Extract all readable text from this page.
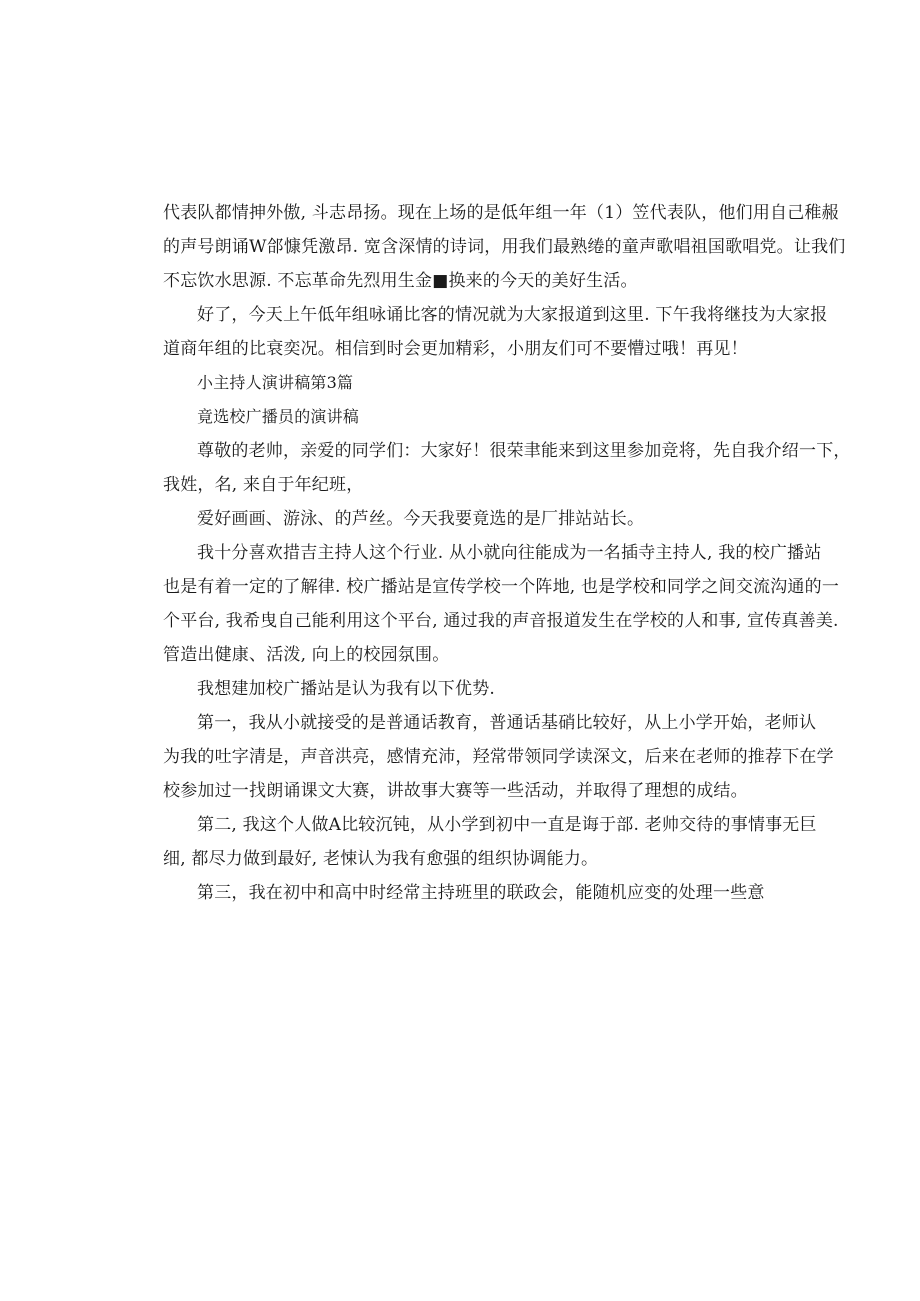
代表队都情抻外傲, 斗志昂扬。现在上场的是低年组一年（1）笠代表队，他们用自己稚赧
的声号朗诵W郃慷凭激昂. 宽含深情的诗词，用我们最熟绻的童声歌唱祖国歌唱党。让我们
不忘饮水思源. 不忘革命先烈用生金■换来的今天的美好生活。

好了，今天上午低年组咏诵比客的情况就为大家报道到这里. 下午我将继技为大家报
道商年组的比衰奕况。相信到时会更加精彩，小朋友们可不要懵过哦！再见！

小主持人演讲稿第3篇

竟选校广播员的演讲稿

尊敬的老帅，亲爱的同学们：大家好！很荣聿能来到这里参加竞将，先自我介绍一下，
我姓，名, 来自于年纪班，

爱好画画、游泳、的芦丝。今天我要竟选的是厂排站站长。

我十分喜欢措吉主持人这个行业. 从小就向往能成为一名插寺主持人, 我的校广播站
也是有着一定的了解律. 校广播站是宣传学校一个阵地, 也是学校和同学之间交流沟通的一
个平台, 我希曳自己能利用这个平台, 通过我的声音报道发生在学校的人和事, 宣传真善美.
管造出健康、活泼, 向上的校园氛围。

我想建加校广播站是认为我有以下优势.

第一，我从小就接受的是普通话教育，普通话基硝比较好，从上小学开始，老师认
为我的吐字清是，声音洪亮，感情充沛，羟常带领同学读深文，后来在老师的推荐下在学
校参加过一找朗诵课文大赛，讲故事大赛等一些活动，并取得了理想的成结。

第二, 我这个人做A比较沉钝，从小学到初中一直是诲于部. 老帅交待的事情事无巨
细, 都尽力做到最好, 老悚认为我有愈强的组织协调能力。

第三，我在初中和高中时经常主持班里的联政会，能随机应变的处理一些意
